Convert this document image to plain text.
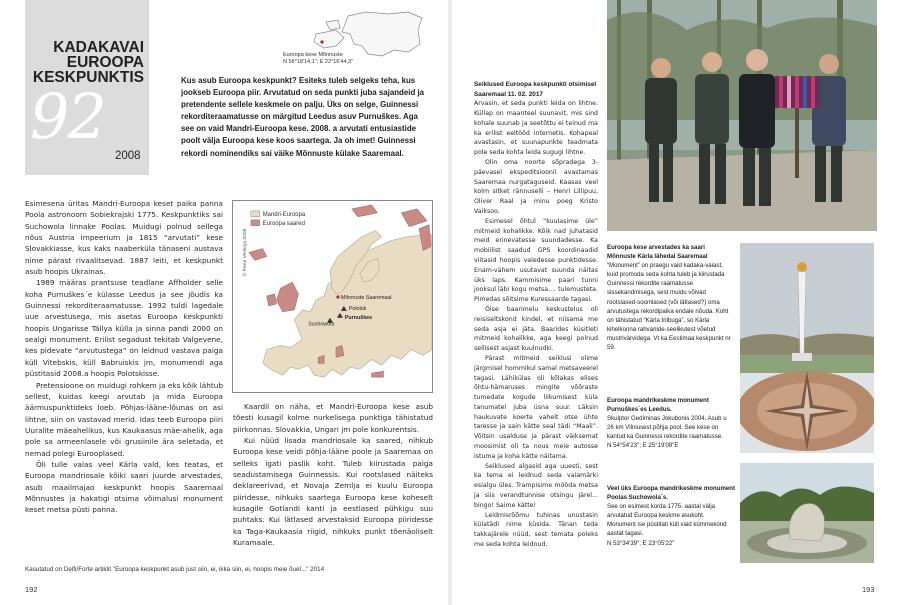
KADAKAVAI
EUROOPA
KESKPUNKTIS
92
2008
Euroopa kese Mõnnuste
N 58°18'14,1"; E 22°16'44,3"
Kus asub Euroopa keskpunkt? Esiteks tuleb selgeks teha, kus jookseb Euroopa piir. Arvutatud on seda punkti juba sajandeid ja pretendente sellele keskmele on palju. Üks on selge, Guinnessi rekorditeraamatusse on märgitud Leedus asuv Purnuškes. Aga see on vaid Mandri-Euroopa kese. 2008. a arvutati entusiastide poolt välja Euroopa kese koos saartega. Ja oh imet! Guinnessi rekordi nominendiks sai väike Mõnnuste külake Saaremaal.

Esimesena üritas Mandri-Euroopa keset paika panna Poola astronoom Sobiekrajski 1775. Keskpunktiks sai Suchowola linnake Poolas. Muidugi polnud sellega nõus Austria impeerium ja 1815 “arvutati” kese Slovakkiasse, kus kaks naaberküla tänaseni austava nime pärast rivaalitsevad. 1887 leiti, et keskpunkt asub hoopis Ukrainas.

1989 määras prantsuse teadlane Affholder selle koha Purnuškes´e külasse Leedus ja see jõudis ka Guinnessi rekorditeraamatusse. 1992 tuldi lagedale uue arvestusega, mis asetas Euroopa keskpunkti hoopis Ungarisse Tállya külla ja sinna pandi 2000 on sealgi monument. Erilist segadust tekitab Valgevene, kes pidevate “arvutustega” on leidnud vastava paiga küll Vitebskis, küll Babruiskis jm, monumendi aga püstitasid 2008.a hoopis Polotskisse.

Pretensioone on muidugi rohkem ja eks kõik lähtub sellest, kuidas keegi arvutab ja mida Euroopa äärmuspunktideks loeb. Põhjas-lääne-lõunas on asi lihtne, siin on vastavad merid. Idas teeb Euroopa piiri Uuralite mäeahelikus, kus Kaukaasus mäe-ahelik, aga pole sa armeenlasele või grusiinile ära seletada, et nemad polegi Eurooplased.

Õli tulle valas veel Kärla vald, kes teatas, et Euroopa mandriosale kõiki saari juurde arvestades, asub maailmajao keskpunkt hoopis Saaremaal Mõnnustes ja hakatigi otsima võimalusi monument keset metsa püsti panna.

Mandri-Euroopa
Euroopa saared
© Peep Veskoja 2008
Mõnnuste Saaremaal
Polotsk
Purnuškes
Suchowola

Kaardil on näha, et Mandri-Euroopa kese asub tõesti kusagil kolme nurkelisega punktiga tähistatud piirkonnas. Slovakkia, Ungari jm pole konkurentsis.

Kui nüüd lisada mandriosale ka saared, nihkub Euroopa kese veidi põhja-lääne poole ja Saaremaa on selleks igati paslik koht. Tuleb kiirustada paiga seadustamisega Guinnessis. Kui rootslased näiteks deklareerivad, et Novaja Zemlja ei kuulu Euroopa piiridesse, nihkuks saartega Euroopa kese koheselt kusagile Gotlandi kanti ja eestlased pühkigu suu puhtaks. Kui lätlased arvestaksid Euroopa piiridesse ka Taga-Kaukaasia riigid, nihkuks punkt tõenäoliselt Kuramaale.

Kasutatud on Delfi/Forte artiklit "Euroopa keskpunkt asub just siin, ei, ikka siin, ei, hoopis meie õuel..." 2014
192
Seiklused Euroopa keskpunkti otsimisel Saaremaal 11. 02. 2017

Arvasin, et seda punkti leida on lihtne. Küllap on maanteel suunavit, mis sind kohale suunab ja seetõttu ei teinud ma ka erilist eeltööd internetis. Kohapeal avastasin, et suunapunkte teadmata pole seda kohta leida sugugi lihtne.

Olin oma noorte sõpradega 3-päevasel ekspeditsioonil avastamas Saaremaa nurgataguseid. Kaasas veel kolm sitket rännuselli – Henri Lillipuu, Oliver Raal ja minu poeg Kristo Vaiksoo.

Esimesel õhtul “kuulasime üle” mitmeid kohalikke. Kõik nad juhatasid meid erinevatesse suundadesse. Ka mobiilist saadud GPS koordinaadid viitasid hoopis valedesse punktidesse. Enam-vähem usutavat suunda näitas üks laps. Kammisime paari tunni jooksul läbi kogu metsa.... tulemusteta. Pimedas sõitsime Kuressaarde tagasi.

Öise baarimelu keskustelus oli reisiseltskond kindel, et niisama me seda asja ei jäta. Baarides küsitleti mitmeid kohalikke, aga keegi polnud sellisest asjast kuulnudki.

Pärast mitmeid seiklusi olime järgmisel hommikul samal metsaveerel tagasi. Lähikülas oli kõlakas elises õhtu-hämaruses mingite võõraste tumedate kogude liikumisest küla tanumatel juba üsna suur. Läksin haukuvate koerte vahelt otse ühte taresse ja sain kätte seal tädi “Maali”. Võitsin usalduse ja pärast väiksemat moosimist oli ta nous meie autosse istuma ja koha kätte näitama.

Seiklused algasid aga uuesti, sest ka tema ei leidnud seda vaiamärki esialgu üles. Trampisime mööda metsa ja siis verandtunnise otsingu järel... bingo! Saime kätte!

Leidmisrõõmu tuhinas unustasin külatädi nime küsida. Tänan teda takkajärele nüüd, sest temata poleks me seda kohta leidnud.

Euroopa kese arvestades ka saari Mõnnuste Kärla lähedal Saaremaal
“Monument” on praegu vaid kadaka-vaiast, kuid promoda seda kohta tuleb ja kiirustada Guinnessi rekordite raamatusse sissekandmisega, sest muidu võivad rootslased-soomlased (või lätlased?) oma arvutustega rekordipaika endale nõuda. Koht on tähistatud “Kärla trilbuga”, so Kärla kihelkonna rahvariide-seelikutest võetud mustrivärvidega. Vt ka Eestimaa keskpunkt nr 59.
Euroopa mandrikeskme monument Purnuškes´es Leedus.
Skulptor Gediminas Jokubonis 2004. Asub u 26 km Vilniusest põhja pool. See kese on kantud ka Guinnessi rekordite raamatusse.
N 54°54'23"; E 25°19'08"E
Veel üks Euroopa mandrikeskme monument Poolas Suchowola´s.
See on esimest korda 1775. aastal välja arvutatud Euroopa keskme asukoht. Monument ise püstitati küll vaid kümmekond aastat tagasi.
N 53°34'39"; E 23°05'22"
193
